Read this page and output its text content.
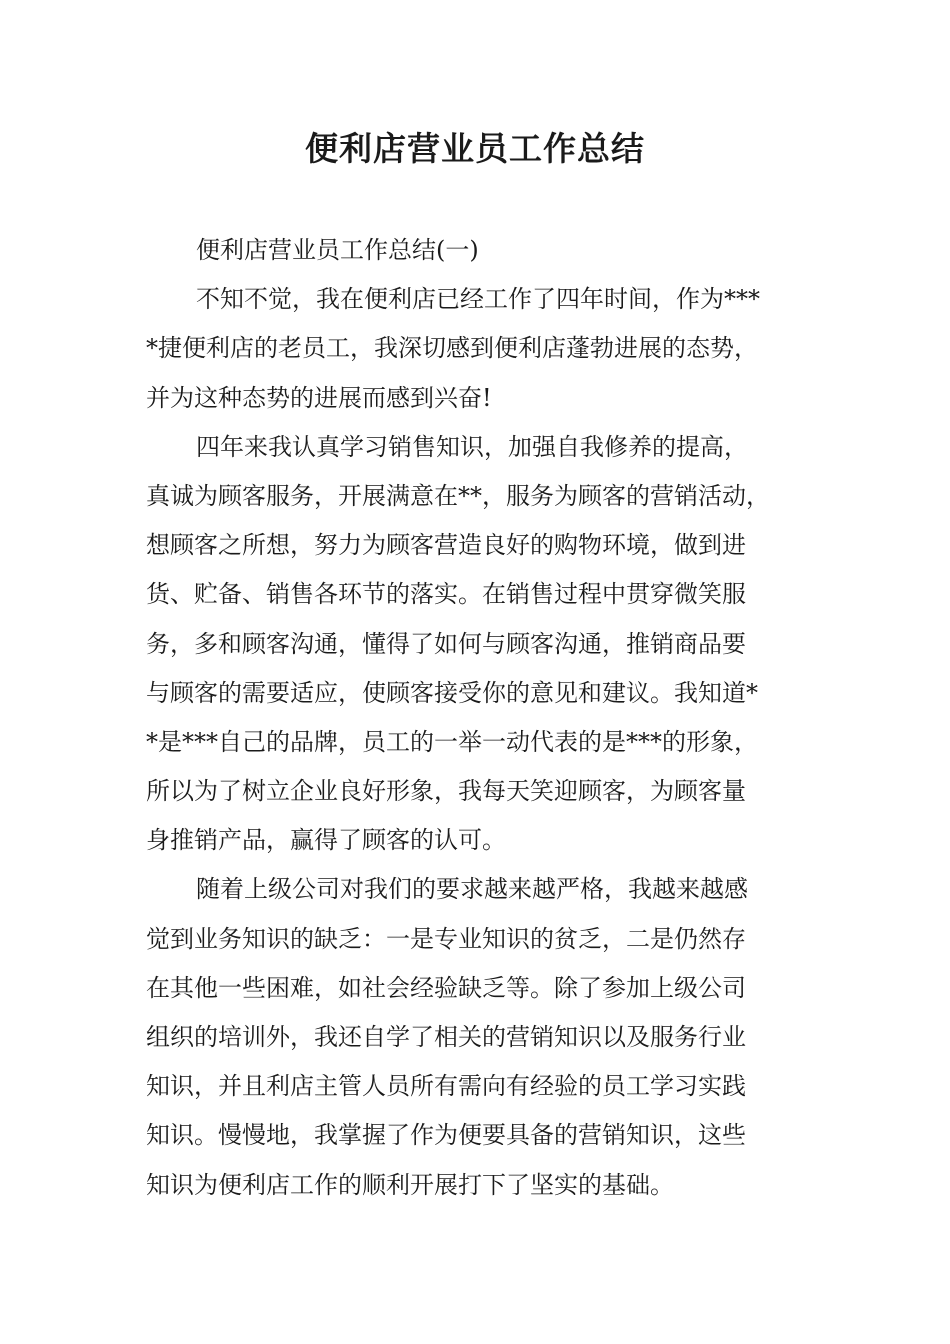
便利店营业员工作总结
便利店营业员工作总结(一)
不知不觉，我在便利店已经工作了四年时间，作为***
*捷便利店的老员工，我深切感到便利店蓬勃进展的态势，
并为这种态势的进展而感到兴奋!
四年来我认真学习销售知识，加强自我修养的提高，
真诚为顾客服务，开展满意在**，服务为顾客的营销活动，
想顾客之所想，努力为顾客营造良好的购物环境，做到进
货、贮备、销售各环节的落实。在销售过程中贯穿微笑服
务，多和顾客沟通，懂得了如何与顾客沟通，推销商品要
与顾客的需要适应，使顾客接受你的意见和建议。我知道*
*是***自己的品牌，员工的一举一动代表的是***的形象，
所以为了树立企业良好形象，我每天笑迎顾客，为顾客量
身推销产品，赢得了顾客的认可。
随着上级公司对我们的要求越来越严格，我越来越感
觉到业务知识的缺乏：一是专业知识的贫乏，二是仍然存
在其他一些困难，如社会经验缺乏等。除了参加上级公司
组织的培训外，我还自学了相关的营销知识以及服务行业
知识，并且利店主管人员所有需向有经验的员工学习实践
知识。慢慢地，我掌握了作为便要具备的营销知识，这些
知识为便利店工作的顺利开展打下了坚实的基础。
